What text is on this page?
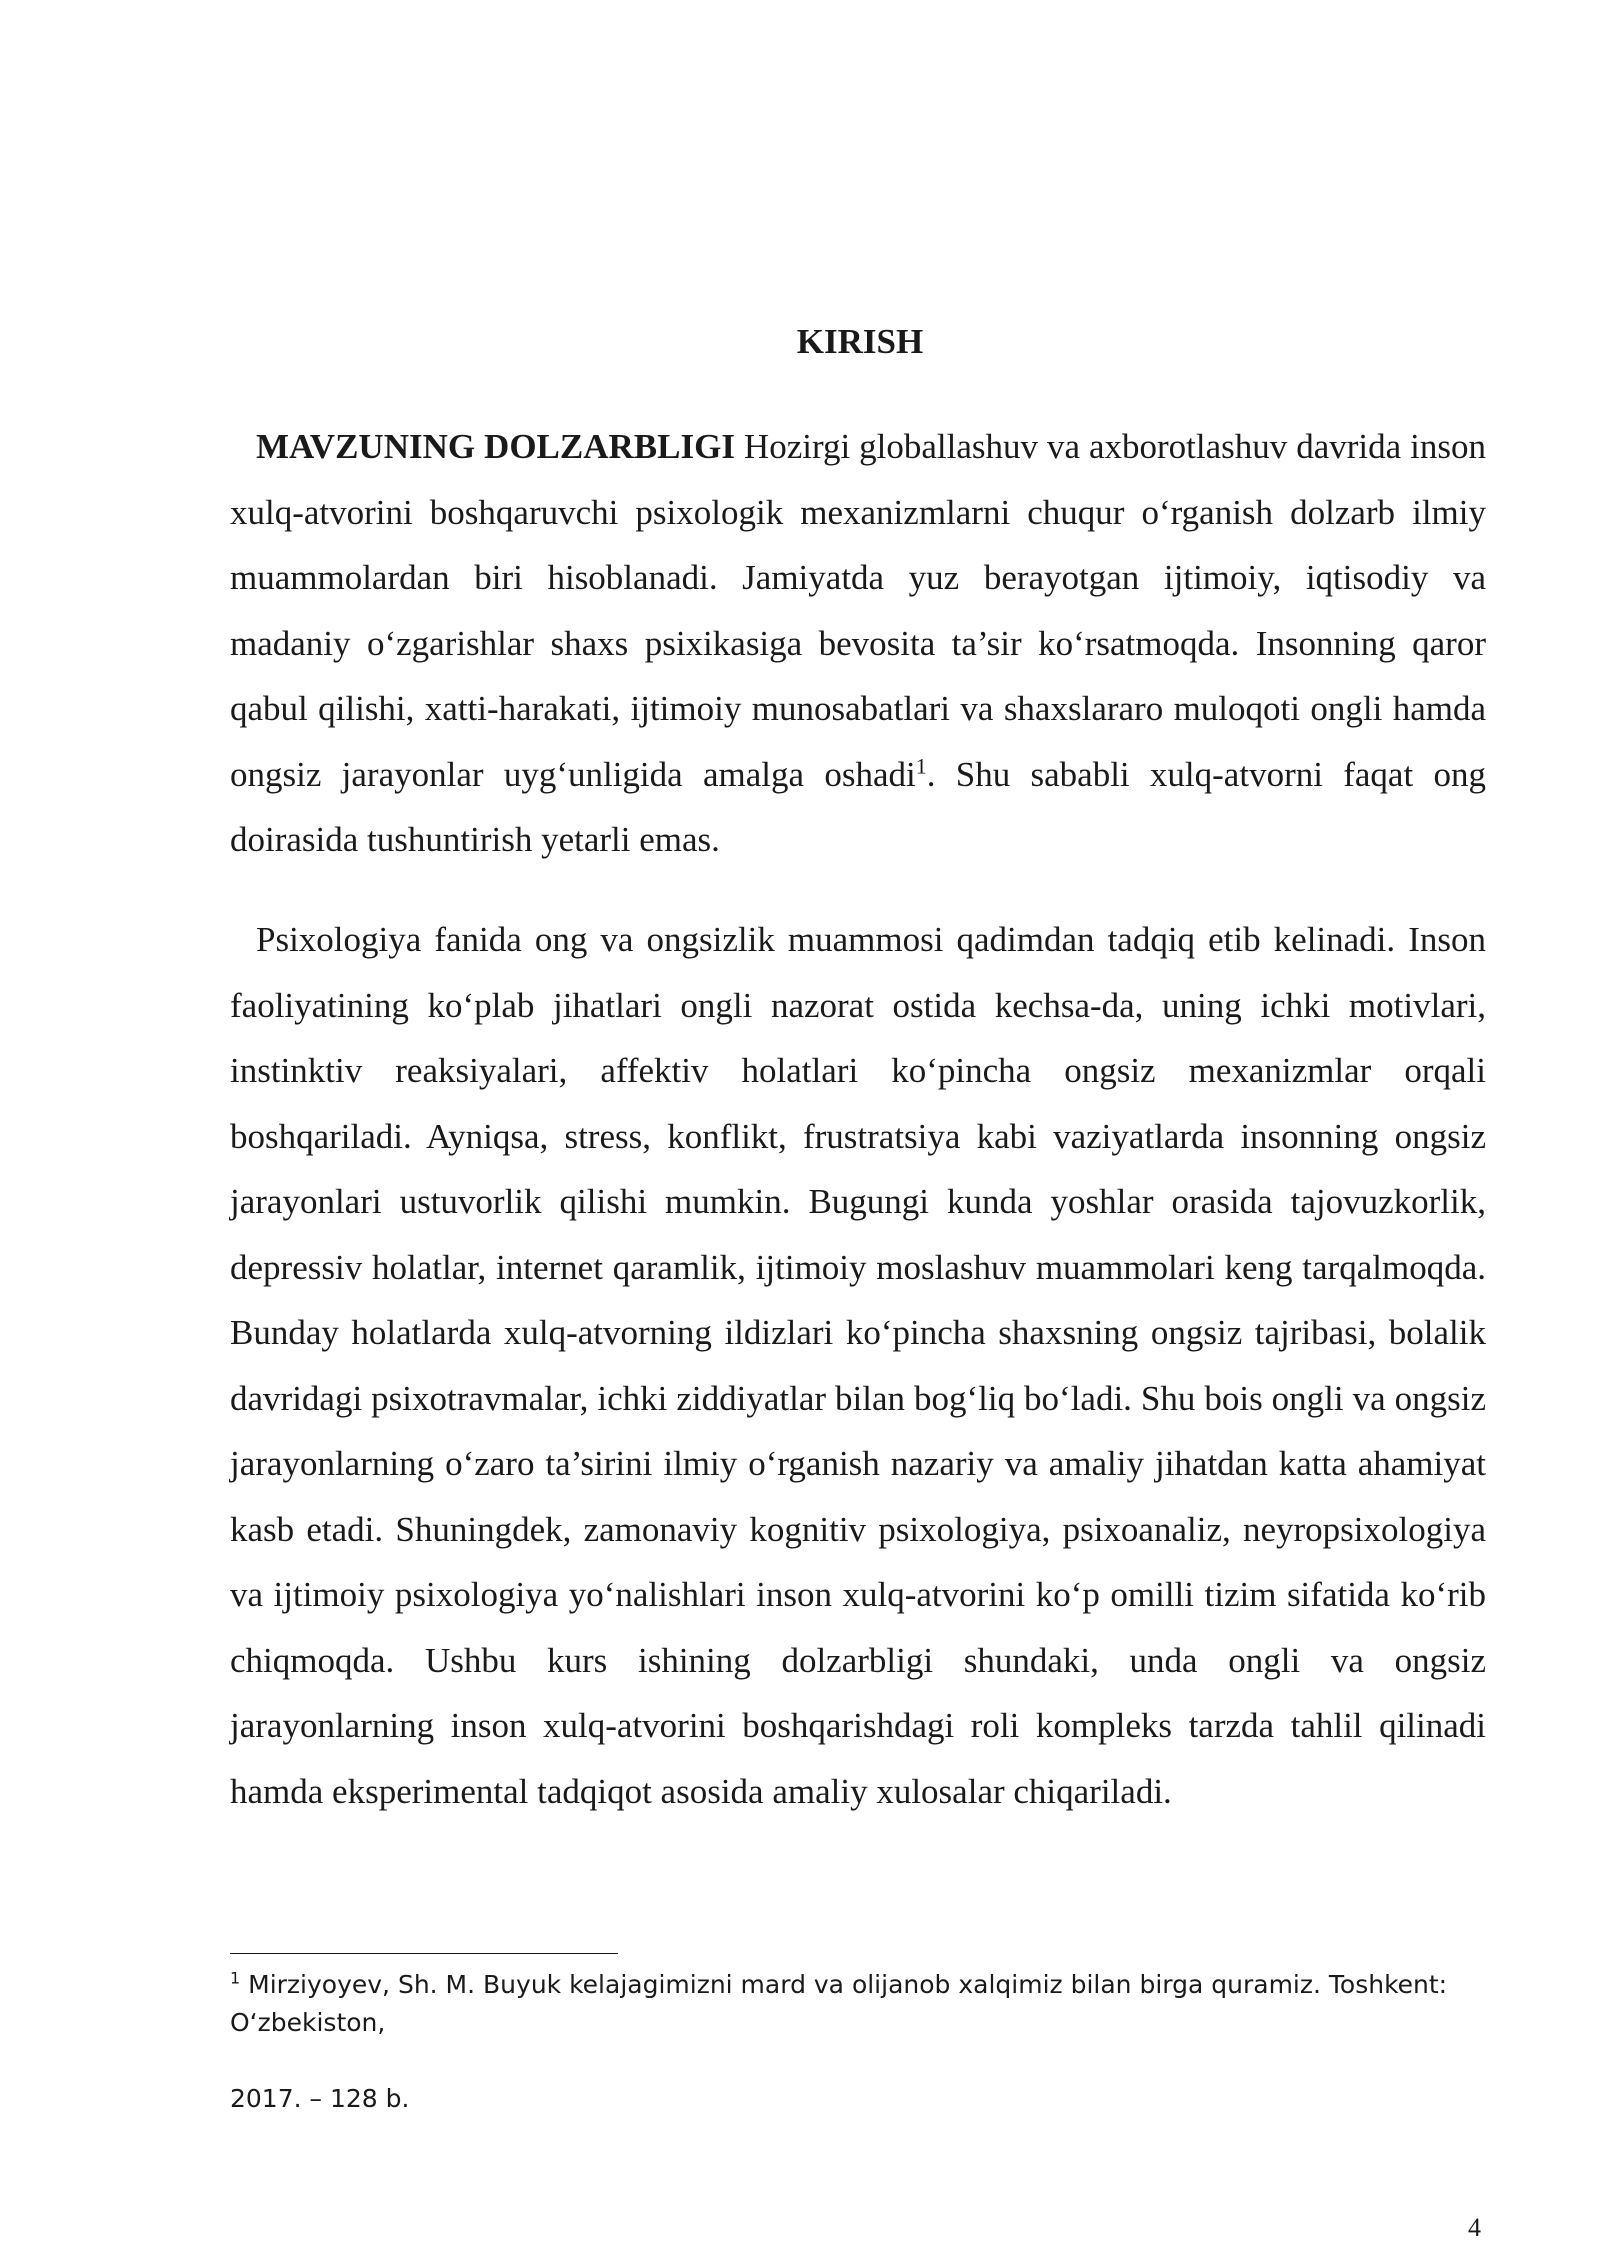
KIRISH

MAVZUNING DOLZARBLIGI Hozirgi globallashuv va axborotlashuv davrida inson xulq-atvorini boshqaruvchi psixologik mexanizmlarni chuqur o‘rganish dolzarb ilmiy muammolardan biri hisoblanadi. Jamiyatda yuz berayotgan ijtimoiy, iqtisodiy va madaniy o‘zgarishlar shaxs psixikasiga bevosita ta’sir ko‘rsatmoqda. Insonning qaror qabul qilishi, xatti-harakati, ijtimoiy munosabatlari va shaxslararo muloqoti ongli hamda ongsiz jarayonlar uyg‘unligida amalga oshadi$^1$. Shu sababli xulq-atvorni faqat ong doirasida tushuntirish yetarli emas.

Psixologiya fanida ong va ongsizlik muammosi qadimdan tadqiq etib kelinadi. Inson faoliyatining ko‘plab jihatlari ongli nazorat ostida kechsa-da, uning ichki motivlari, instinktiv reaksiyalari, affektiv holatlari ko‘pincha ongsiz mexanizmlar orqali boshqariladi. Ayniqsa, stress, konflikt, frustratsiya kabi vaziyatlarda insonning ongsiz jarayonlari ustuvorlik qilishi mumkin. Bugungi kunda yoshlar orasida tajovuzkorlik, depressiv holatlar, internet qaramlik, ijtimoiy moslashuv muammolari keng tarqalmoqda. Bunday holatlarda xulq-atvorning ildizlari ko‘pincha shaxsning ongsiz tajribasi, bolalik davridagi psixotravmalar, ichki ziddiyatlar bilan bog‘liq bo‘ladi. Shu bois ongli va ongsiz jarayonlarning o‘zaro ta’sirini ilmiy o‘rganish nazariy va amaliy jihatdan katta ahamiyat kasb etadi. Shuningdek, zamonaviy kognitiv psixologiya, psixoanaliz, neyropsixologiya va ijtimoiy psixologiya yo‘nalishlari inson xulq-atvorini ko‘p omilli tizim sifatida ko‘rib chiqmoqda. Ushbu kurs ishining dolzarbligi shundaki, unda ongli va ongsiz jarayonlarning inson xulq-atvorini boshqarishdagi roli kompleks tarzda tahlil qilinadi hamda eksperimental tadqiqot asosida amaliy xulosalar chiqariladi.

$^1$ Mirziyoyev, Sh. M. Buyuk kelajagimizni mard va olijanob xalqimiz bilan birga quramiz. Toshkent: O‘zbekiston,

2017. – 128 b.

4
